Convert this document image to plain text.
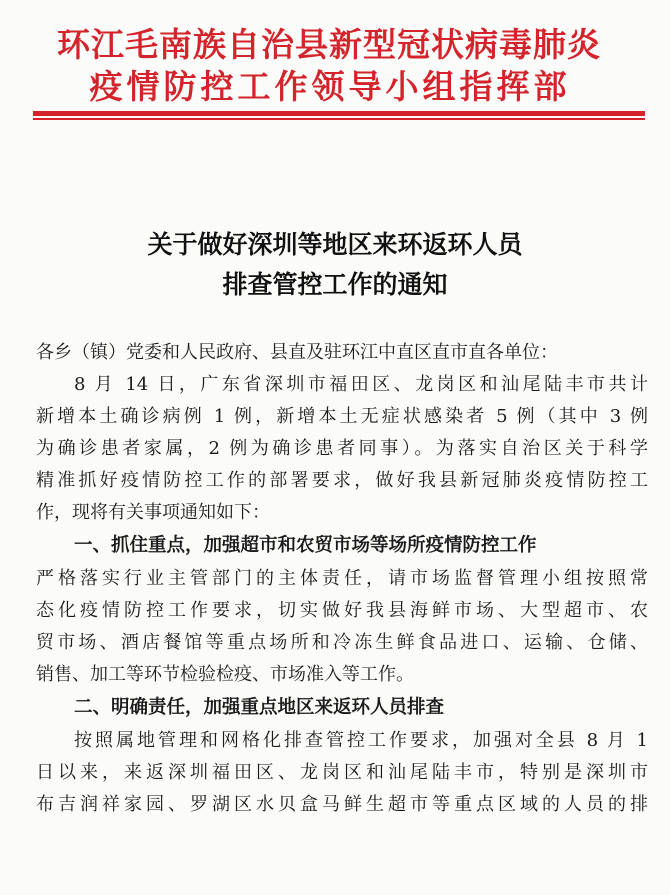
环江毛南族自治县新型冠状病毒肺炎
疫情防控工作领导小组指挥部
关于做好深圳等地区来环返环人员
排查管控工作的通知
各乡（镇）党委和人民政府、县直及驻环江中直区直市直各单位：
8 月 14 日，广东省深圳市福田区、龙岗区和汕尾陆丰市共计
新增本土确诊病例 1 例，新增本土无症状感染者 5 例（其中 3 例
为确诊患者家属，2 例为确诊患者同事）。为落实自治区关于科学
精准抓好疫情防控工作的部署要求，做好我县新冠肺炎疫情防控工
作，现将有关事项通知如下：
一、抓住重点，加强超市和农贸市场等场所疫情防控工作
严格落实行业主管部门的主体责任，请市场监督管理小组按照常
态化疫情防控工作要求，切实做好我县海鲜市场、大型超市、农
贸市场、酒店餐馆等重点场所和冷冻生鲜食品进口、运输、仓储、
销售、加工等环节检验检疫、市场准入等工作。
二、明确责任，加强重点地区来返环人员排查
按照属地管理和网格化排查管控工作要求，加强对全县 8 月 1
日以来，来返深圳福田区、龙岗区和汕尾陆丰市，特别是深圳市
布吉润祥家园、罗湖区水贝盒马鲜生超市等重点区域的人员的排
